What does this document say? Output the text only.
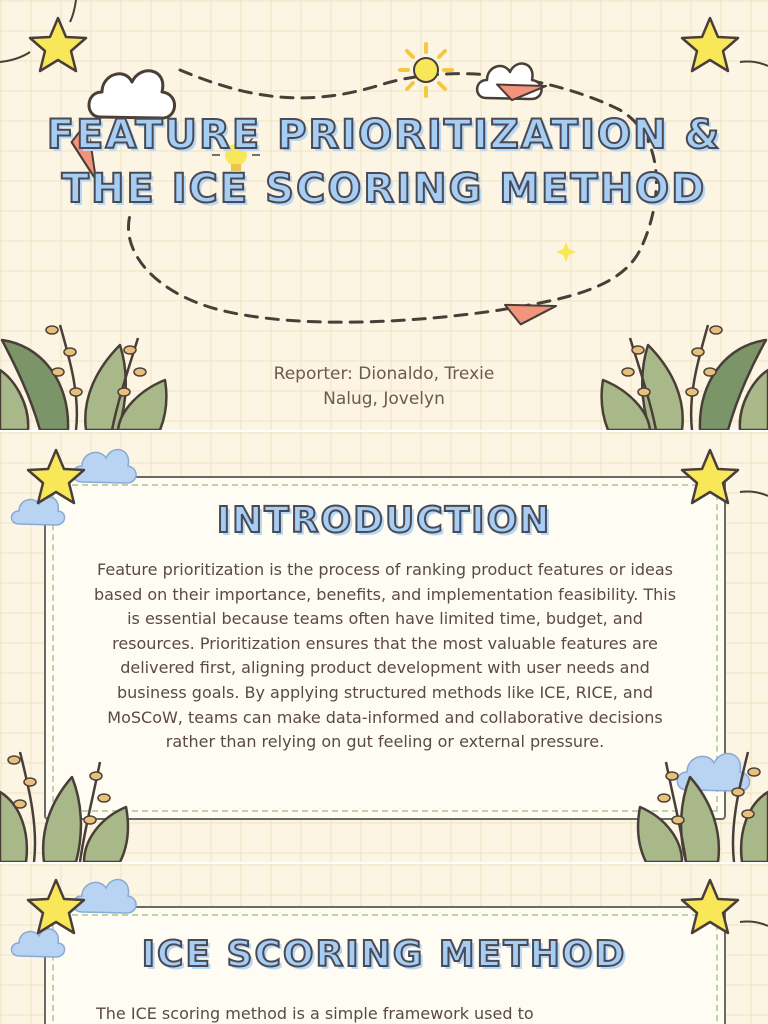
FEATURE PRIORITIZATION & THE ICE SCORING METHOD
Reporter: Dionaldo, Trexie
Nalug, Jovelyn
INTRODUCTION
Feature prioritization is the process of ranking product features or ideas based on their importance, benefits, and implementation feasibility. This is essential because teams often have limited time, budget, and resources. Prioritization ensures that the most valuable features are delivered first, aligning product development with user needs and business goals. By applying structured methods like ICE, RICE, and MoSCoW, teams can make data-informed and collaborative decisions rather than relying on gut feeling or external pressure.
ICE SCORING METHOD
The ICE scoring method is a simple framework used to
